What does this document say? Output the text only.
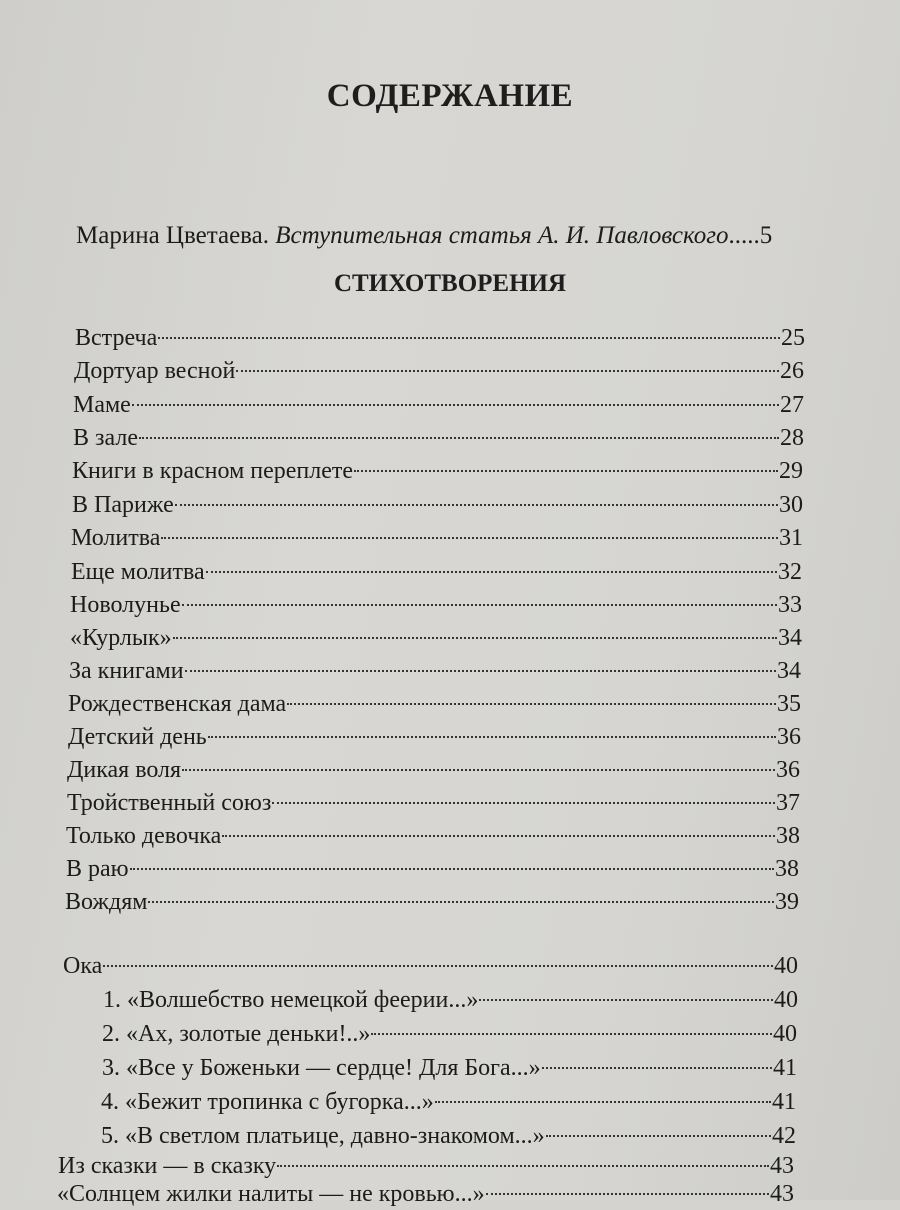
СОДЕРЖАНИЕ
Марина Цветаева. Вступительная статья А. И. Павловского.....5
СТИХОТВОРЕНИЯ
Встреча	25
Дортуар весной	26
Маме	27
В зале	28
Книги в красном переплете	29
В Париже	30
Молитва	31
Еще молитва	32
Новолунье	33
«Курлык»	34
За книгами	34
Рождественская дама	35
Детский день	36
Дикая воля	36
Тройственный союз	37
Только девочка	38
В раю	38
Вождям	39
Ока	40
1. «Волшебство немецкой феерии...»	40
2. «Ах, золотые деньки!..»	40
3. «Все у Боженьки — сердце! Для Бога...»	41
4. «Бежит тропинка с бугорка...»	41
5. «В светлом платьице, давно-знакомом...»	42
Из сказки — в сказку	43
«Солнцем жилки налиты — не кровью...»	43
